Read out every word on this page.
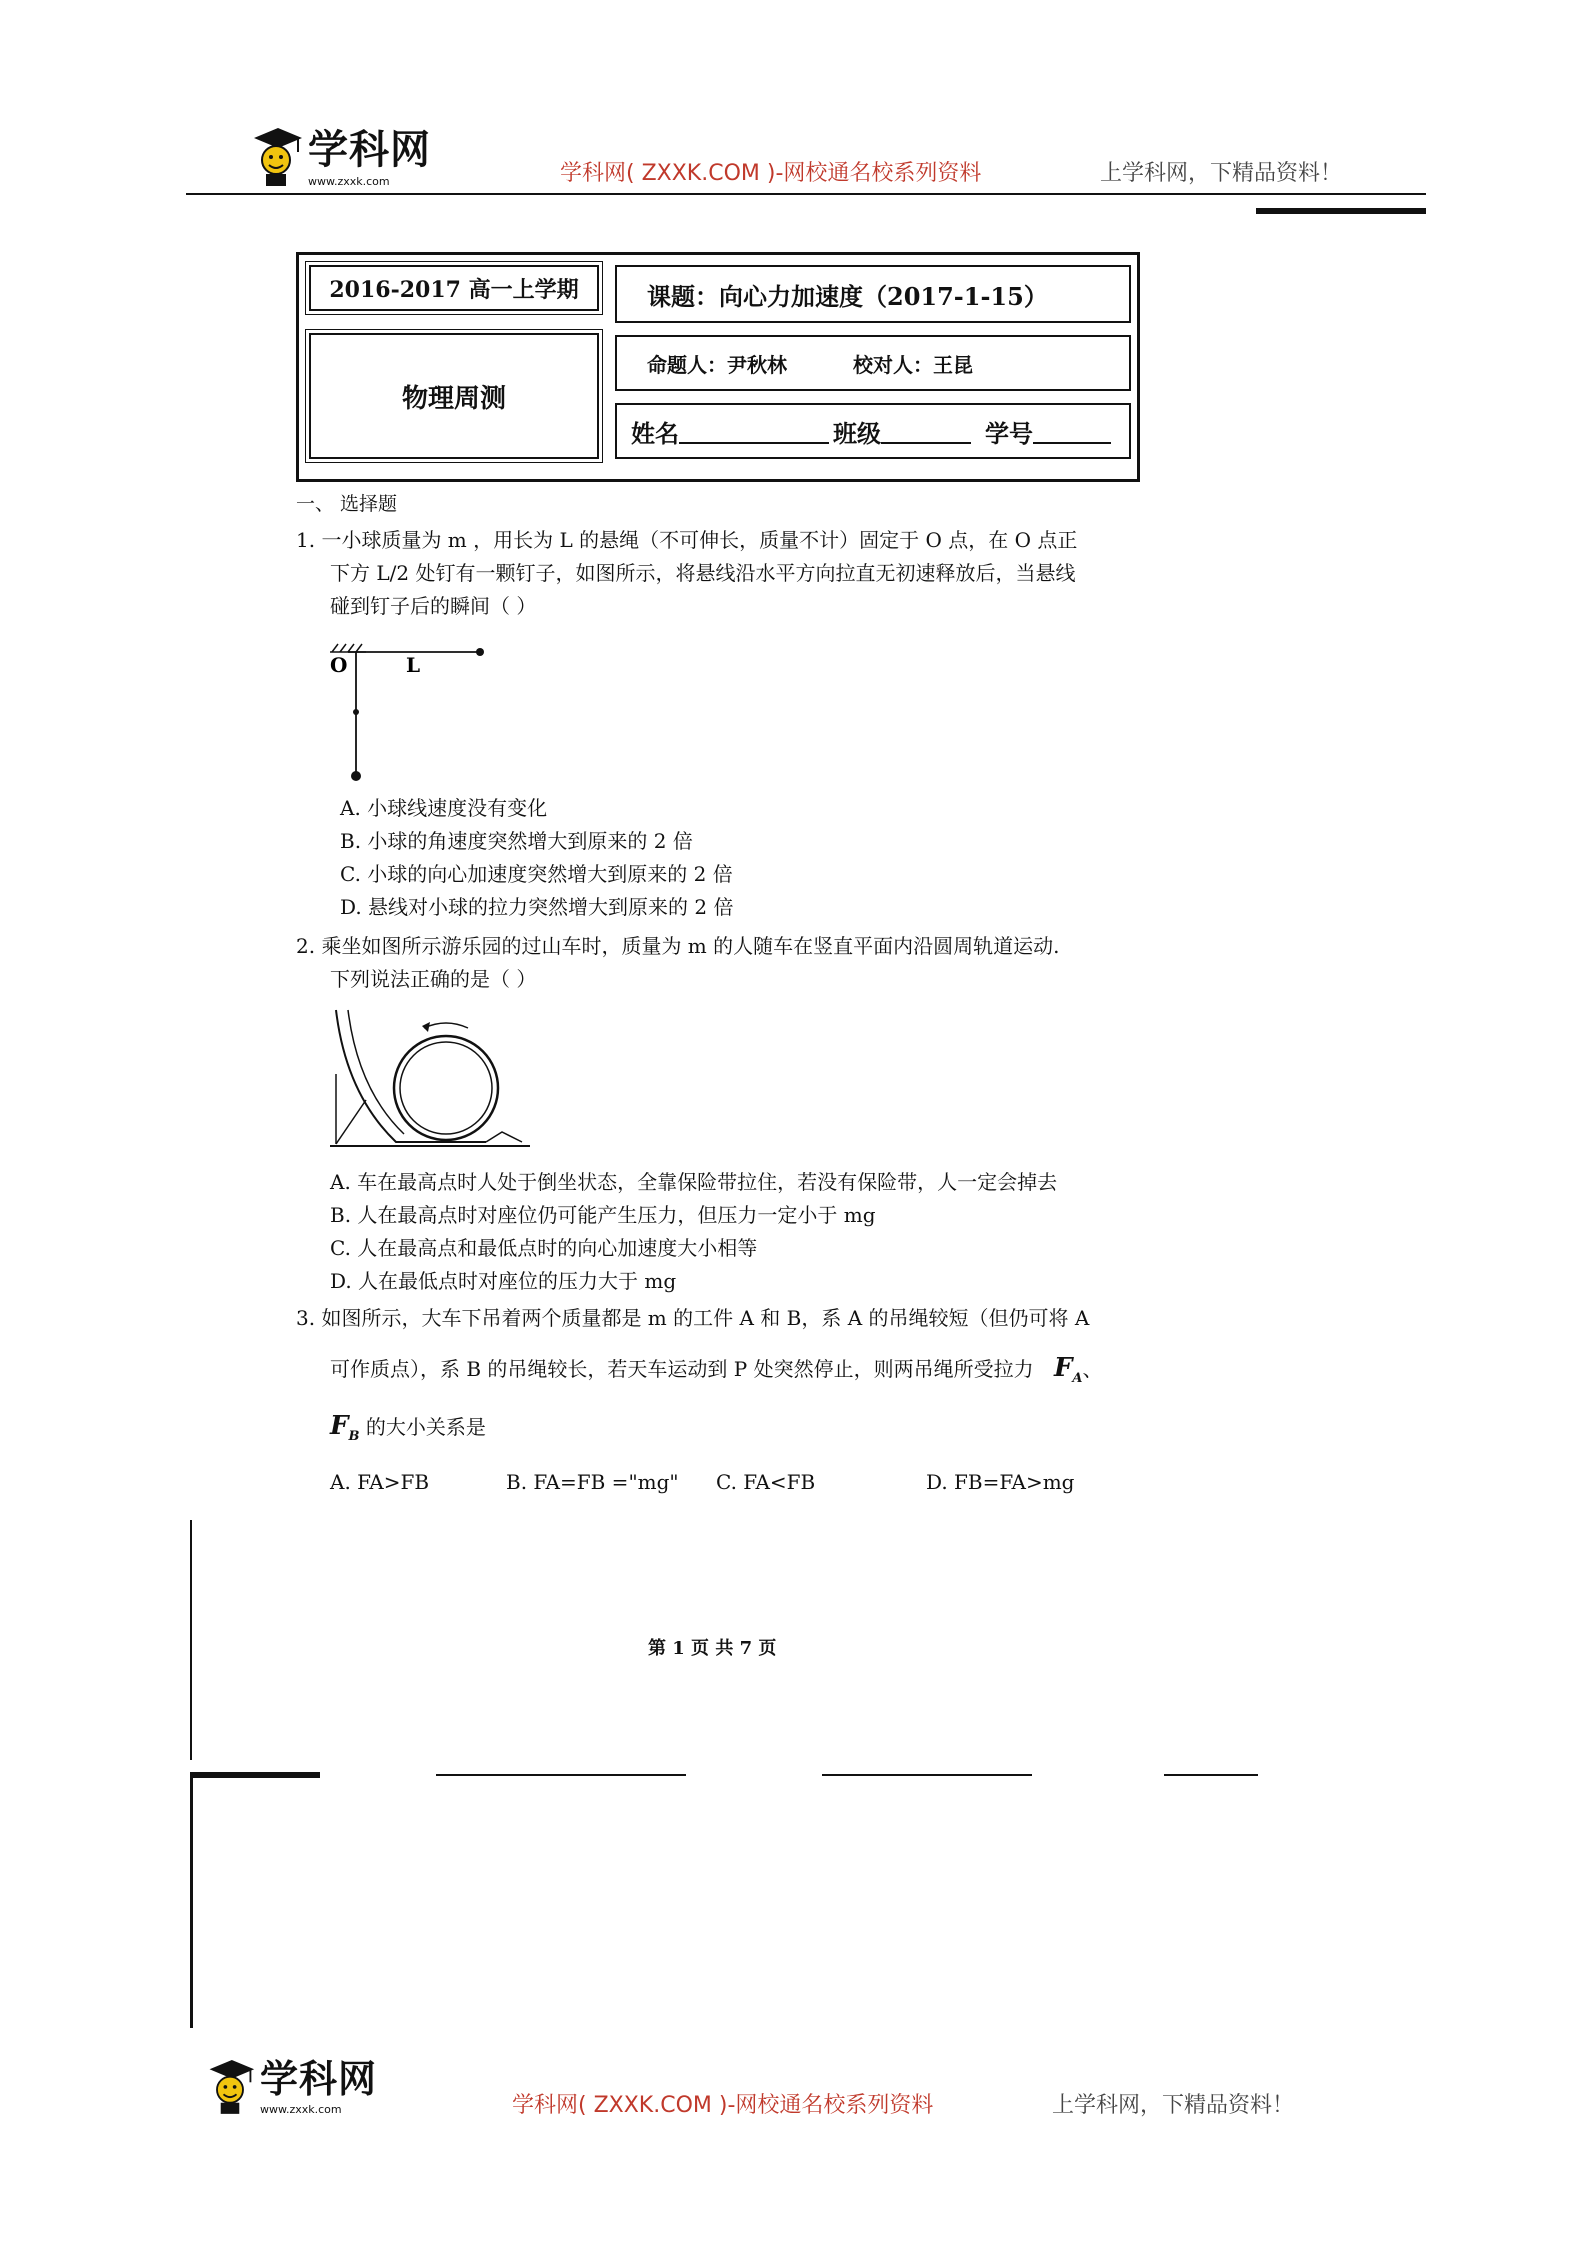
学科网
www.zxxk.com	学科网( ZXXK.COM )-网校通名校系列资料	上学科网，下精品资料！
2016-2017 高一上学期
物理周测
课题：向心力加速度（2017-1-15）
命题人：尹秋林	校对人：王昆
姓名	班级	学号
一、 选择题
1. 一小球质量为 m ，用长为 L 的悬绳（不可伸长，质量不计）固定于 O 点，在 O 点正
下方 L/2 处钉有一颗钉子，如图所示，将悬线沿水平方向拉直无初速释放后，当悬线
碰到钉子后的瞬间（ ）
O	L
A. 小球线速度没有变化
B. 小球的角速度突然增大到原来的 2 倍
C. 小球的向心加速度突然增大到原来的 2 倍
D. 悬线对小球的拉力突然增大到原来的 2 倍
2. 乘坐如图所示游乐园的过山车时，质量为 m 的人随车在竖直平面内沿圆周轨道运动.
下列说法正确的是（ ）
A. 车在最高点时人处于倒坐状态，全靠保险带拉住，若没有保险带，人一定会掉去
B. 人在最高点时对座位仍可能产生压力，但压力一定小于 mg
C. 人在最高点和最低点时的向心加速度大小相等
D. 人在最低点时对座位的压力大于 mg
3. 如图所示，大车下吊着两个质量都是 m 的工件 A 和 B，系 A 的吊绳较短（但仍可将 A
可作质点），系 B 的吊绳较长，若天车运动到 P 处突然停止，则两吊绳所受拉力 $F_A$、
$F_B$ 的大小关系是
A. FA>FB	B. FA=FB ="mg" C. FA<FB	D. FB=FA>mg
第 1 页 共 7 页
学科网
www.zxxk.com	学科网( ZXXK.COM )-网校通名校系列资料	上学科网，下精品资料！
